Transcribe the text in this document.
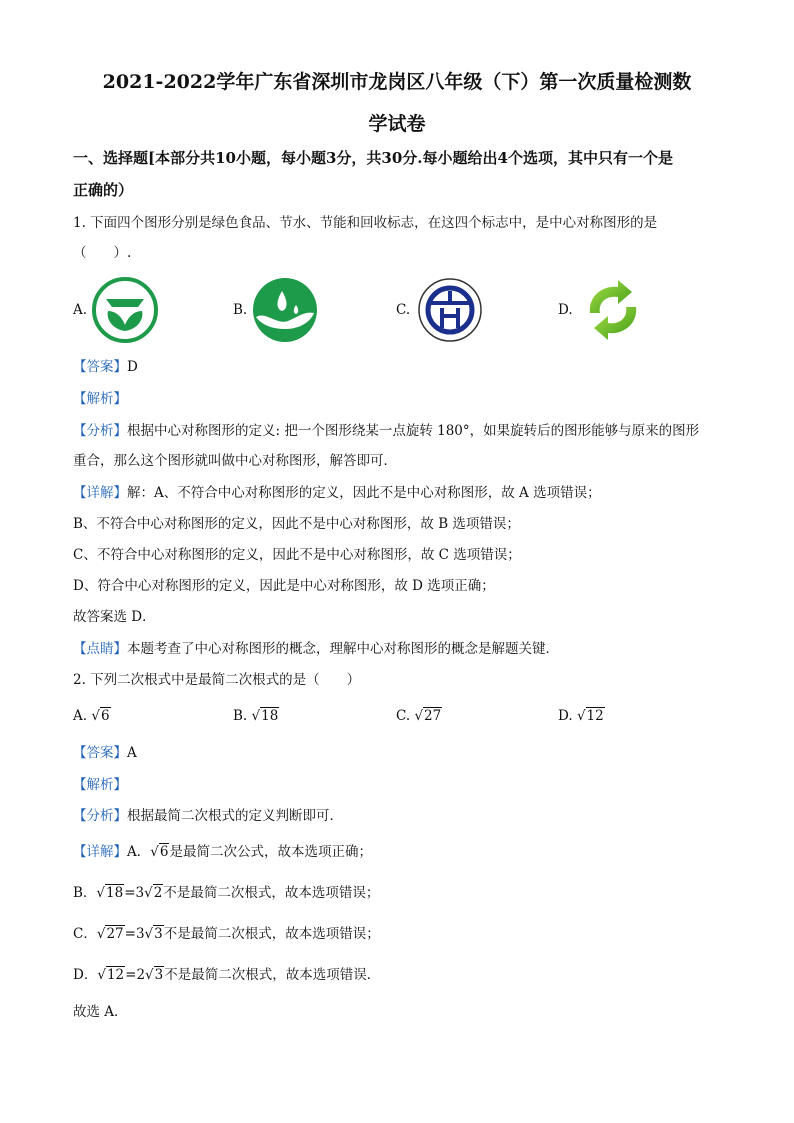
2021-2022学年广东省深圳市龙岗区八年级（下）第一次质量检测数
学试卷
一、选择题[本部分共10小题，每小题3分，共30分.每小题给出4个选项，其中只有一个是
正确的）
1. 下面四个图形分别是绿色食品、节水、节能和回收标志，在这四个标志中，是中心对称图形的是
（　　）.
A.	B.	C.	D.
【答案】D
【解析】
【分析】根据中心对称图形的定义: 把一个图形绕某一点旋转 180°，如果旋转后的图形能够与原来的图形
重合，那么这个图形就叫做中心对称图形，解答即可．
【详解】解：A、不符合中心对称图形的定义，因此不是中心对称图形，故 A 选项错误；
B、不符合中心对称图形的定义，因此不是中心对称图形，故 B 选项错误；
C、不符合中心对称图形的定义，因此不是中心对称图形，故 C 选项错误；
D、符合中心对称图形的定义，因此是中心对称图形，故 D 选项正确；
故答案选 D．
【点睛】本题考查了中心对称图形的概念，理解中心对称图形的概念是解题关键．
2. 下列二次根式中是最简二次根式的是（　　）
A. √6	B. √18	C. √27	D. √12
【答案】A
【解析】
【分析】根据最简二次根式的定义判断即可．
【详解】A．√6是最简二次公式，故本选项正确；
B．√18=3√2不是最简二次根式，故本选项错误；
C．√27=3√3不是最简二次根式，故本选项错误；
D．√12=2√3不是最简二次根式，故本选项错误．
故选 A．
